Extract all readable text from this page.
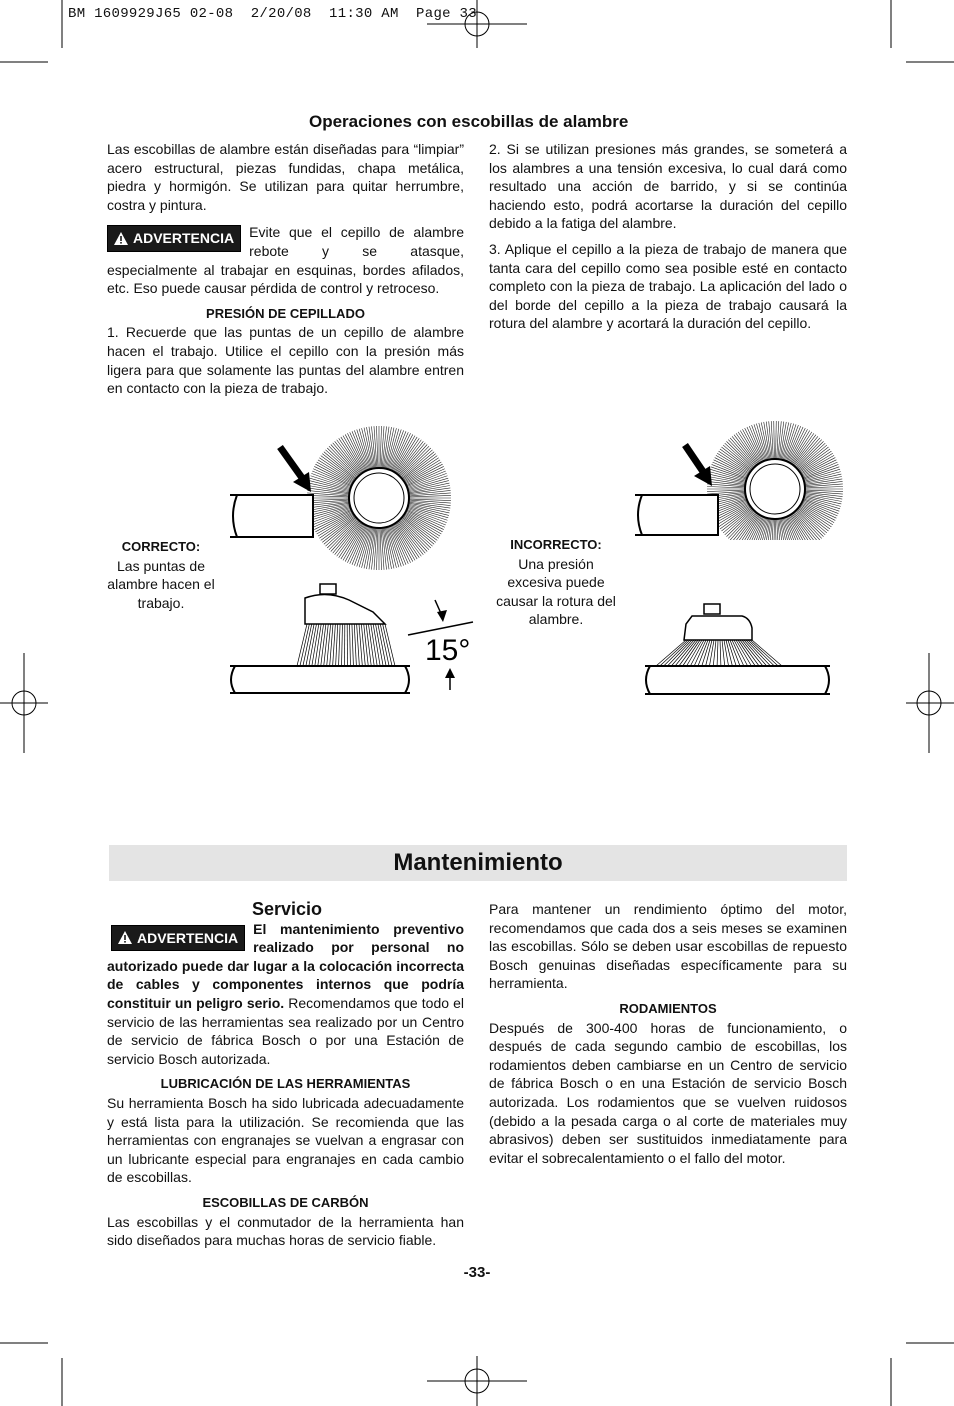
BM 1609929J65 02-08  2/20/08  11:30 AM  Page 33
Operaciones con escobillas de alambre

Las escobillas de alambre están diseñadas para “limpiar” acero estructural, piezas fundidas, chapa metálica, piedra y hormigón. Se utilizan para quitar herrumbre, costra y pintura.

ADVERTENCIA Evite que el cepillo de alambre rebote y se atasque, especialmente al trabajar en esquinas, bordes afilados, etc. Eso puede causar pérdida de control y retroceso.

PRESIÓN DE CEPILLADO

1. Recuerde que las puntas de un cepillo de alambre hacen el trabajo. Utilice el cepillo con la presión más ligera para que solamente las puntas del alambre entren en contacto con la pieza de trabajo.

2. Si se utilizan presiones más grandes, se someterá a los alambres a una tensión excesiva, lo cual dará como resultado una acción de barrido, y si se continúa haciendo esto, podrá acortarse la duración del cepillo debido a la fatiga del alambre.

3. Aplique el cepillo a la pieza de trabajo de manera que tanta cara del cepillo como sea posible esté en contacto completo con la pieza de trabajo. La aplicación del lado o del borde del cepillo a la pieza de trabajo causará la rotura del alambre y acortará la duración del cepillo.

CORRECTO:
Las puntas de alambre hacen el trabajo.
INCORRECTO:
Una presión excesiva puede causar la rotura del alambre.
15°
Mantenimiento
Servicio
ADVERTENCIA
El mantenimiento preventivo realizado por personal no autorizado puede dar lugar a la colocación incorrecta de cables y componentes internos que podría constituir un peligro serio. Recomendamos que todo el servicio de las herramientas sea realizado por un Centro de servicio de fábrica Bosch o por una Estación de servicio Bosch autorizada.

LUBRICACIÓN DE LAS HERRAMIENTAS

Su herramienta Bosch ha sido lubricada adecuadamente y está lista para la utilización. Se recomienda que las herramientas con engranajes se vuelvan a engrasar con un lubricante especial para engranajes en cada cambio de escobillas.

ESCOBILLAS DE CARBÓN

Las escobillas y el conmutador de la herramienta han sido diseñados para muchas horas de servicio fiable.

Para mantener un rendimiento óptimo del motor, recomendamos que cada dos a seis meses se examinen las escobillas. Sólo se deben usar escobillas de repuesto Bosch genuinas diseñadas específicamente para su herramienta.

RODAMIENTOS

Después de 300-400 horas de funcionamiento, o después de cada segundo cambio de escobillas, los rodamientos deben cambiarse en un Centro de servicio de fábrica Bosch o en una Estación de servicio Bosch autorizada. Los rodamientos que se vuelven ruidosos (debido a la pesada carga o al corte de materiales muy abrasivos) deben ser sustituidos inmediatamente para evitar el sobrecalentamiento o el fallo del motor.

-33-
